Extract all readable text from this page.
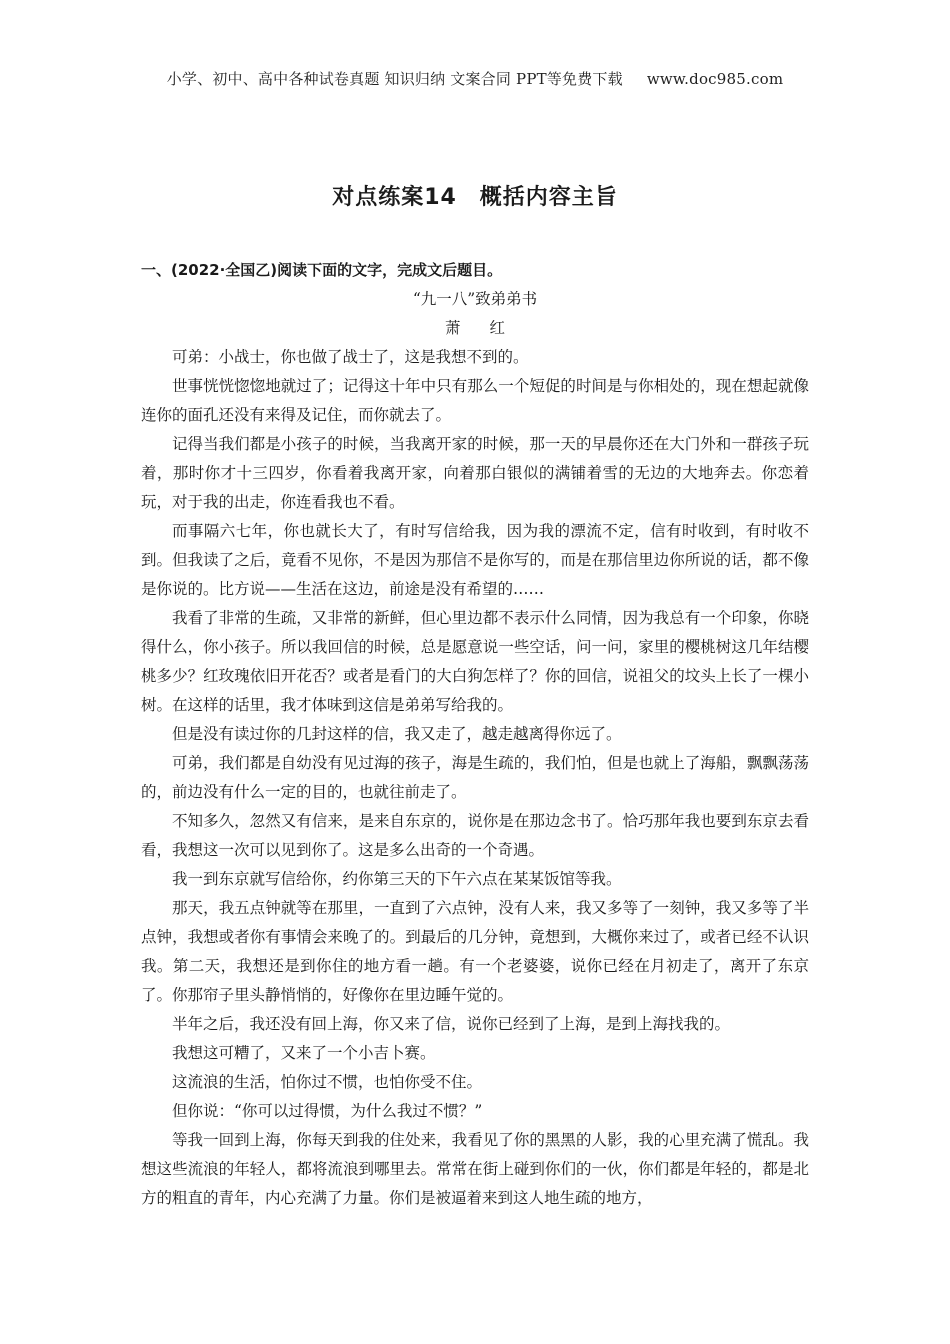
小学、初中、高中各种试卷真题 知识归纳 文案合同 PPT等免费下载 www.doc985.com
对点练案14　概括内容主旨

一、(2022·全国乙)阅读下面的文字，完成文后题目。

“九一八”致弟弟书

萧 红

可弟：小战士，你也做了战士了，这是我想不到的。

世事恍恍惚惚地就过了；记得这十年中只有那么一个短促的时间是与你相处的，现在想起就像连你的面孔还没有来得及记住，而你就去了。

记得当我们都是小孩子的时候，当我离开家的时候，那一天的早晨你还在大门外和一群孩子玩着，那时你才十三四岁，你看着我离开家，向着那白银似的满铺着雪的无边的大地奔去。你恋着玩，对于我的出走，你连看我也不看。

而事隔六七年，你也就长大了，有时写信给我，因为我的漂流不定，信有时收到，有时收不到。但我读了之后，竟看不见你，不是因为那信不是你写的，而是在那信里边你所说的话，都不像是你说的。比方说——生活在这边，前途是没有希望的……

我看了非常的生疏，又非常的新鲜，但心里边都不表示什么同情，因为我总有一个印象，你晓得什么，你小孩子。所以我回信的时候，总是愿意说一些空话，问一问，家里的樱桃树这几年结樱桃多少？红玫瑰依旧开花否？或者是看门的大白狗怎样了？你的回信，说祖父的坟头上长了一棵小树。在这样的话里，我才体味到这信是弟弟写给我的。

但是没有读过你的几封这样的信，我又走了，越走越离得你远了。

可弟，我们都是自幼没有见过海的孩子，海是生疏的，我们怕，但是也就上了海船，飘飘荡荡的，前边没有什么一定的目的，也就往前走了。

不知多久，忽然又有信来，是来自东京的，说你是在那边念书了。恰巧那年我也要到东京去看看，我想这一次可以见到你了。这是多么出奇的一个奇遇。

我一到东京就写信给你，约你第三天的下午六点在某某饭馆等我。

那天，我五点钟就等在那里，一直到了六点钟，没有人来，我又多等了一刻钟，我又多等了半点钟，我想或者你有事情会来晚了的。到最后的几分钟，竟想到，大概你来过了，或者已经不认识我。第二天，我想还是到你住的地方看一趟。有一个老婆婆，说你已经在月初走了，离开了东京了。你那帘子里头静悄悄的，好像你在里边睡午觉的。

半年之后，我还没有回上海，你又来了信，说你已经到了上海，是到上海找我的。

我想这可糟了，又来了一个小吉卜赛。

这流浪的生活，怕你过不惯，也怕你受不住。

但你说：“你可以过得惯，为什么我过不惯？”

等我一回到上海，你每天到我的住处来，我看见了你的黑黑的人影，我的心里充满了慌乱。我想这些流浪的年轻人，都将流浪到哪里去。常常在街上碰到你们的一伙，你们都是年轻的，都是北方的粗直的青年，内心充满了力量。你们是被逼着来到这人地生疏的地方，
